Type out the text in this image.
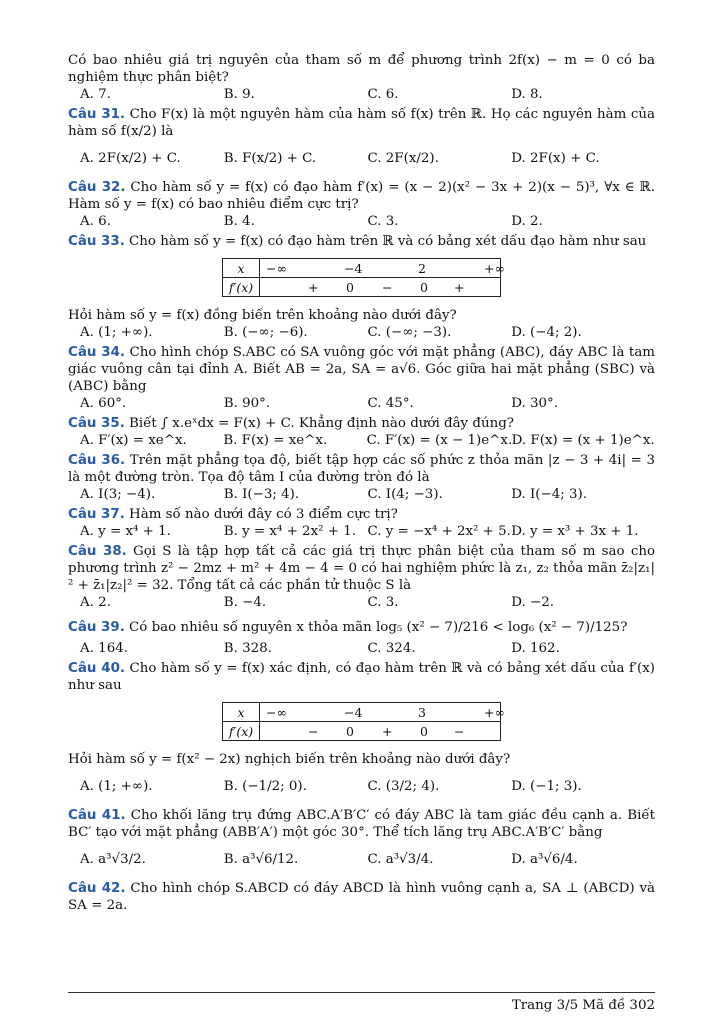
Có bao nhiêu giá trị nguyên của tham số m để phương trình 2f(x) − m = 0 có ba nghiệm thực phân biệt?
A. 7.	B. 9.	C. 6.	D. 8.
Câu 31. Cho F(x) là một nguyên hàm của hàm số f(x) trên ℝ. Họ các nguyên hàm của hàm số f(x/2) là
A. 2F(x/2) + C.	B. F(x/2) + C.	C. 2F(x/2).	D. 2F(x) + C.
Câu 32. Cho hàm số y = f(x) có đạo hàm f′(x) = (x − 2)(x² − 3x + 2)(x − 5)³, ∀x ∈ ℝ. Hàm số y = f(x) có bao nhiêu điểm cực trị?
A. 6.	B. 4.	C. 3.	D. 2.
Câu 33. Cho hàm số y = f(x) có đạo hàm trên ℝ và có bảng xét dấu đạo hàm như sau
x	−∞ −4 2 +∞

f′(x)	+ 0 − 0 +
Hỏi hàm số y = f(x) đồng biến trên khoảng nào dưới đây?
A. (1; +∞).	B. (−∞; −6).	C. (−∞; −3).	D. (−4; 2).
Câu 34. Cho hình chóp S.ABC có SA vuông góc với mặt phẳng (ABC), đáy ABC là tam giác vuông cân tại đỉnh A. Biết AB = 2a, SA = a√6. Góc giữa hai mặt phẳng (SBC) và (ABC) bằng
A. 60°.	B. 90°.	C. 45°.	D. 30°.
Câu 35. Biết ∫ x.eˣdx = F(x) + C. Khẳng định nào dưới đây đúng?
A. F′(x) = xe^x.	B. F(x) = xe^x.	C. F′(x) = (x − 1)e^x. D. F(x) = (x + 1)e^x.
Câu 36. Trên mặt phẳng tọa độ, biết tập hợp các số phức z thỏa mãn |z − 3 + 4i| = 3 là một đường tròn. Tọa độ tâm I của đường tròn đó là
A. I(3; −4).	B. I(−3; 4).	C. I(4; −3).	D. I(−4; 3).
Câu 37. Hàm số nào dưới đây có 3 điểm cực trị?
A. y = x⁴ + 1.	B. y = x⁴ + 2x² + 1. C. y = −x⁴ + 2x² + 5. D. y = x³ + 3x + 1.
Câu 38. Gọi S là tập hợp tất cả các giá trị thực phân biệt của tham số m sao cho phương trình z² − 2mz + m² + 4m − 4 = 0 có hai nghiệm phức là z₁, z₂ thỏa mãn z̄₂|z₁|² + z̄₁|z₂|² = 32. Tổng tất cả các phần tử thuộc S là
A. 2.	B. −4.	C. 3.	D. −2.
Câu 39. Có bao nhiêu số nguyên x thỏa mãn log₅ (x² − 7)/216 < log₆ (x² − 7)/125?
A. 164.	B. 328.	C. 324.	D. 162.
Câu 40. Cho hàm số y = f(x) xác định, có đạo hàm trên ℝ và có bảng xét dấu của f′(x) như sau
x	−∞ −4 3 +∞

f′(x)	− 0 + 0 −
Hỏi hàm số y = f(x² − 2x) nghịch biến trên khoảng nào dưới đây?
A. (1; +∞).	B. (−1/2; 0).	C. (3/2; 4).	D. (−1; 3).
Câu 41. Cho khối lăng trụ đứng ABC.A′B′C′ có đáy ABC là tam giác đều cạnh a. Biết BC′ tạo với mặt phẳng (ABB′A′) một góc 30°. Thể tích lăng trụ ABC.A′B′C′ bằng
A. a³√3/2.	B. a³√6/12.	C. a³√3/4.	D. a³√6/4.
Câu 42. Cho hình chóp S.ABCD có đáy ABCD là hình vuông cạnh a, SA ⊥ (ABCD) và SA = 2a.
Trang 3/5 Mã đề 302
